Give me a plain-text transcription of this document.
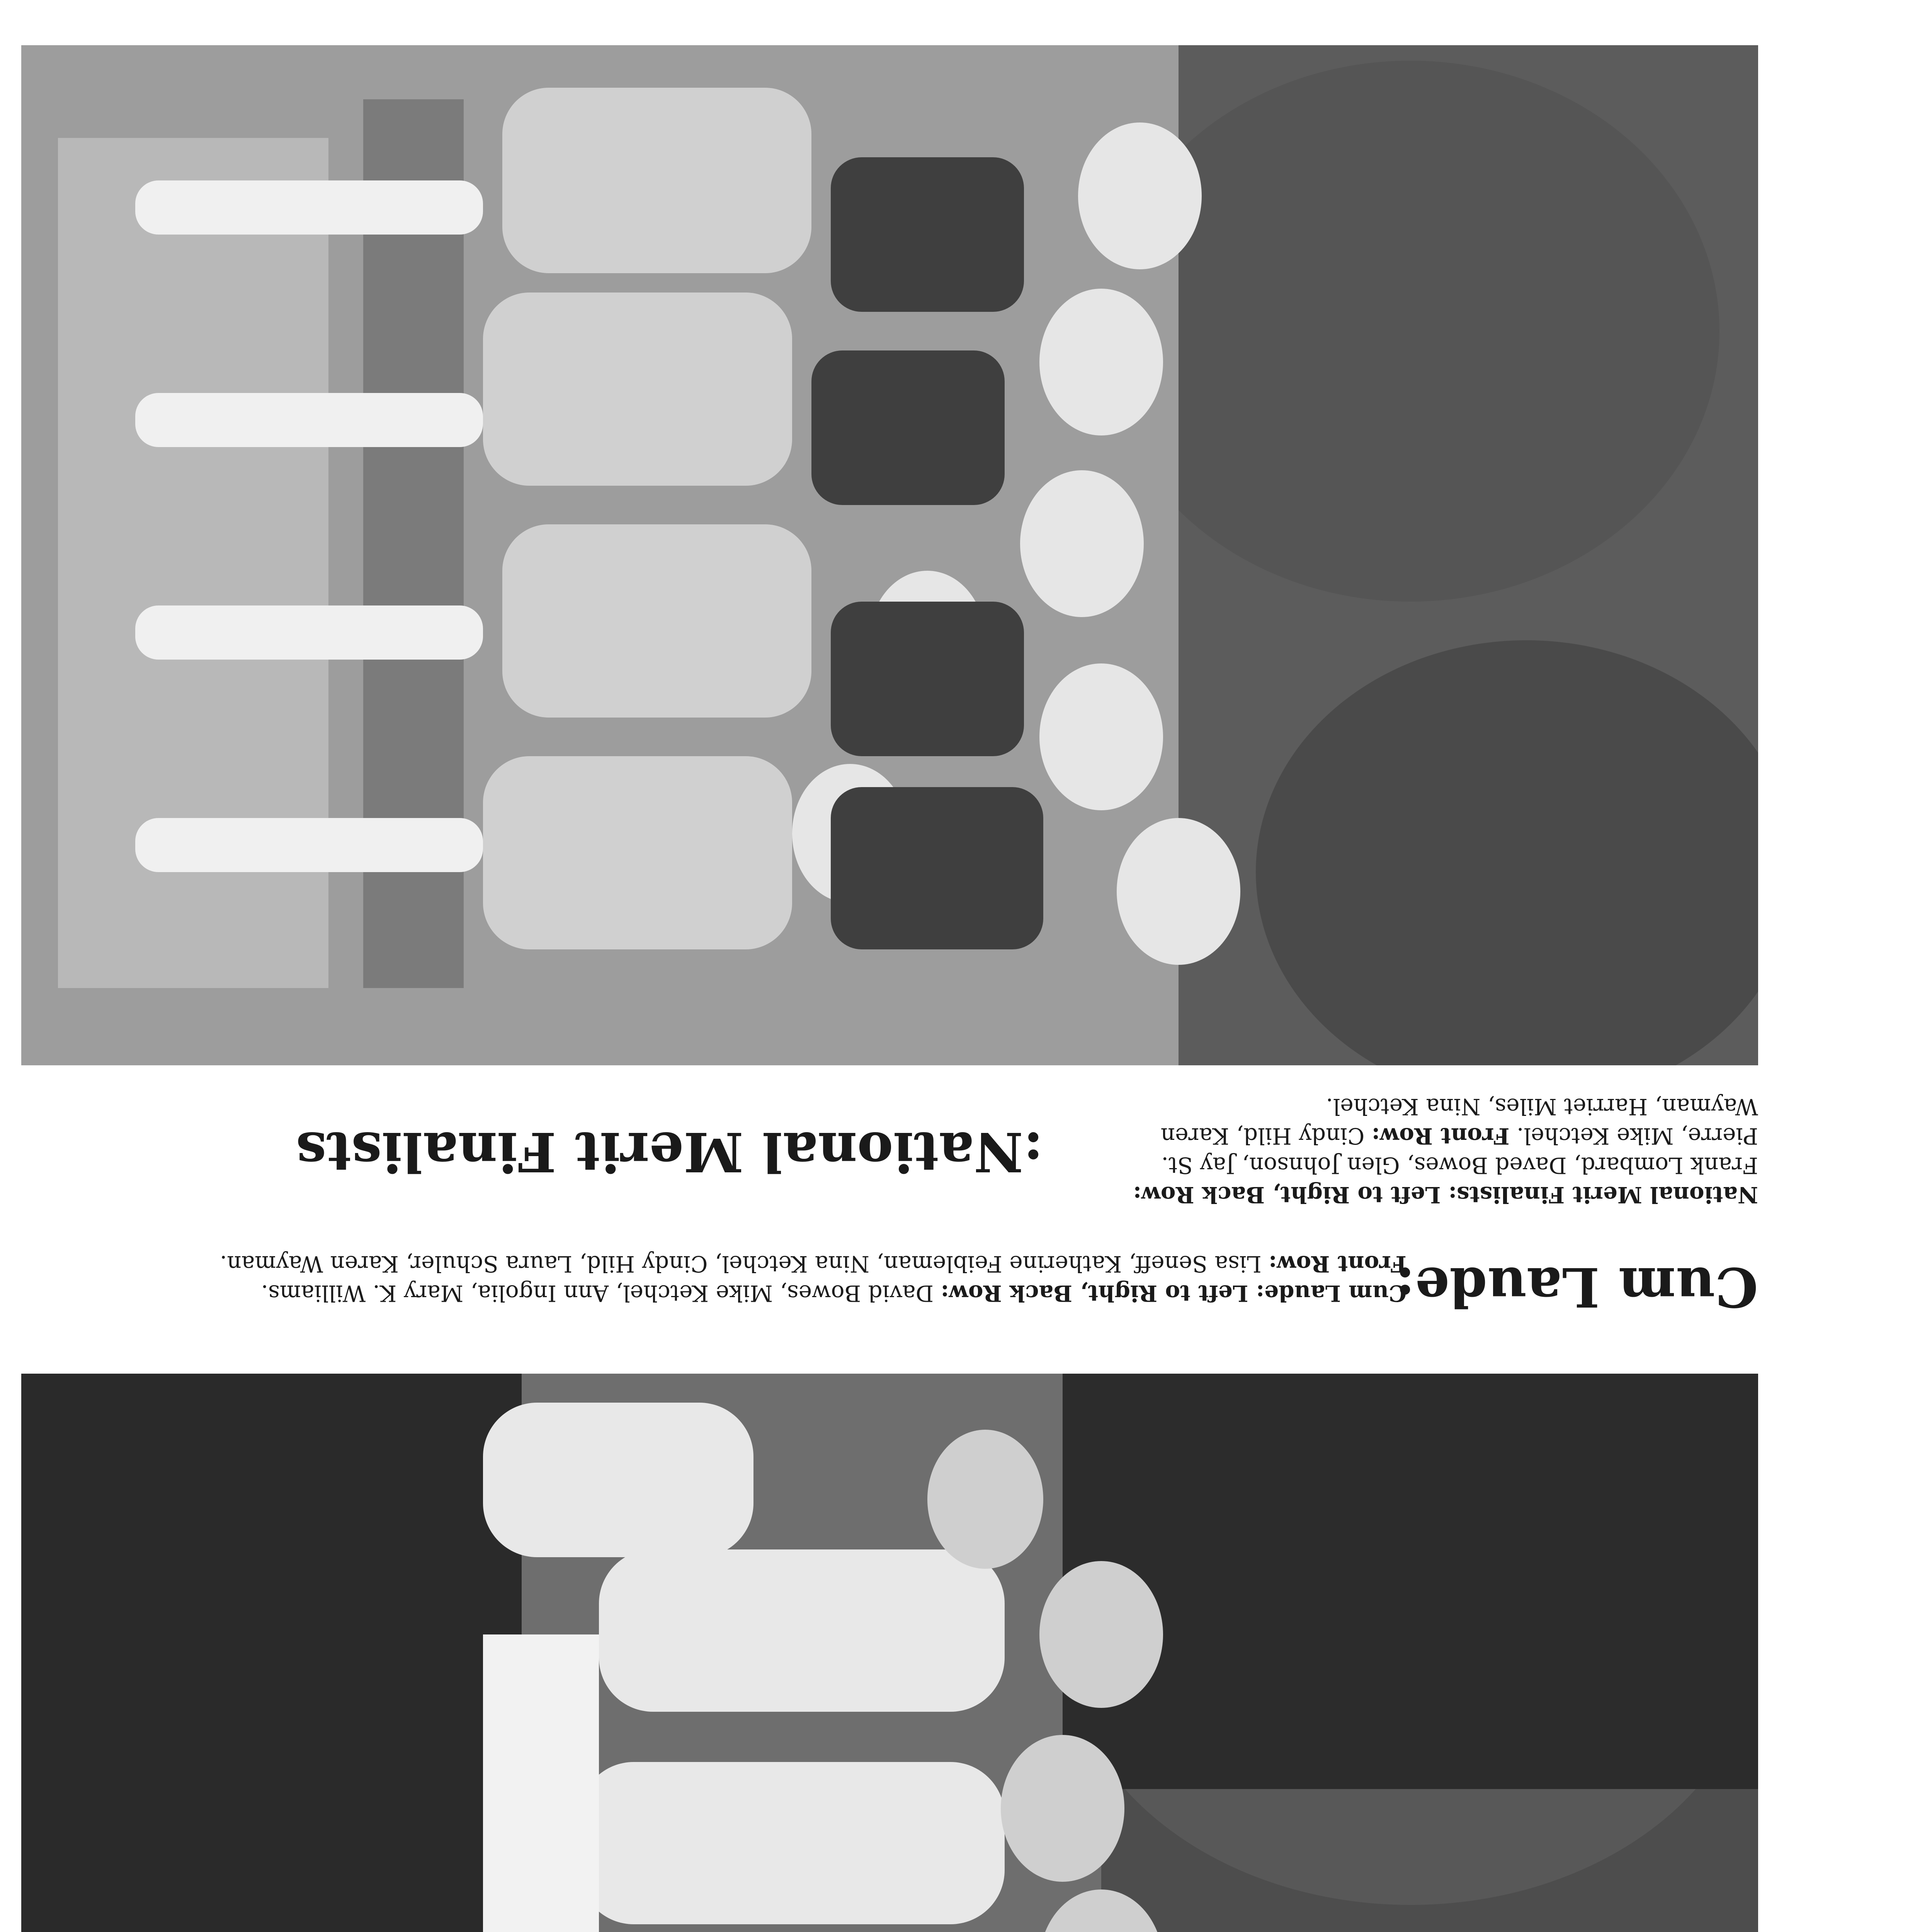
:National Merit Finalists
National Merit Finalists: Left to Right, Back Row: Frank Lombard, Daved Bowes, Glen Johnson, Jay St. Pierre, Mike Ketchel. Front Row: Cindy Hild, Karen Wayman, Harriet Miles, Nina Ketchel.
Cum Laude:
Cum Laude: Left to Right, Back Row: David Bowes, Mike Ketchel, Ann Ingolia, Mary K. Williams. Front Row: Lisa Seneff, Katherine Feibleman, Nina Ketchel, Cindy Hild, Laura Schuler, Karen Wayman.
